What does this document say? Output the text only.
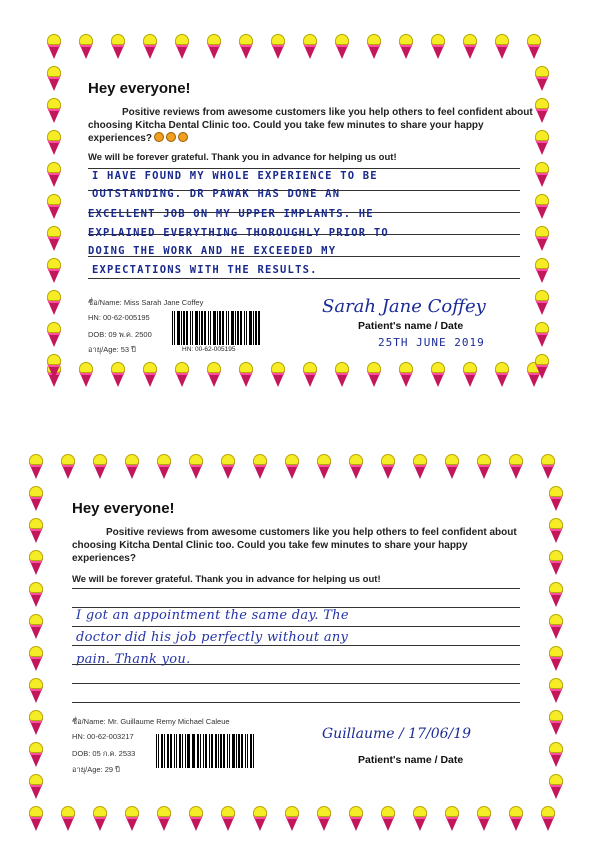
Hey everyone!
Positive reviews from awesome customers like you help others to feel confident about
choosing Kitcha Dental Clinic too. Could you take few minutes to share your happy
experiences?
We will be forever grateful. Thank you in advance for helping us out!
I HAVE FOUND MY WHOLE EXPERIENCE TO BE
OUTSTANDING. DR PAWAK HAS DONE AN
EXCELLENT JOB ON MY UPPER IMPLANTS. HE
EXPLAINED EVERYTHING THOROUGHLY PRIOR TO
DOING THE WORK AND HE EXCEEDED MY
EXPECTATIONS WITH THE RESULTS.
ชื่อ/Name: Miss Sarah Jane Coffey
HN: 00-62-005195
DOB: 09 พ.ค. 2500
อายุ/Age: 53 ปี	HN: 00-62-005195
Sarah Jane Coffey
Patient's name / Date
25TH JUNE 2019
Hey everyone!
Positive reviews from awesome customers like you help others to feel confident about
choosing Kitcha Dental Clinic too. Could you take few minutes to share your happy
experiences?
We will be forever grateful. Thank you in advance for helping us out!
I got an appointment the same day. The
doctor did his job perfectly without any
pain. Thank you.
ชื่อ/Name: Mr. Guillaume Remy Michael Caleue
HN: 00-62-003217
DOB: 05 ก.ค. 2533
อายุ/Age: 29 ปี
Guillaume / 17/06/19
Patient's name / Date
